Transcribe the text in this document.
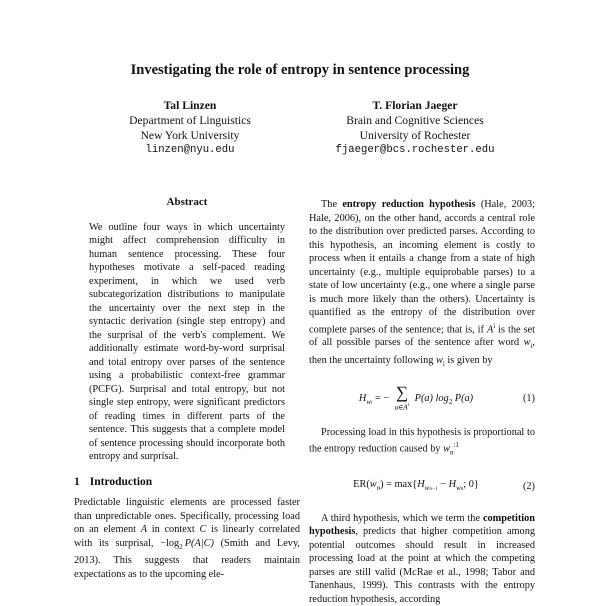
Investigating the role of entropy in sentence processing
Tal Linzen
Department of Linguistics
New York University
linzen@nyu.edu
T. Florian Jaeger
Brain and Cognitive Sciences
University of Rochester
fjaeger@bcs.rochester.edu
Abstract
We outline four ways in which uncertainty might affect comprehension difficulty in human sentence processing. These four hypotheses motivate a self-paced reading experiment, in which we used verb subcategorization distributions to manipulate the uncertainty over the next step in the syntactic derivation (single step entropy) and the surprisal of the verb's complement. We additionally estimate word-by-word surprisal and total entropy over parses of the sentence using a probabilistic context-free grammar (PCFG). Surprisal and total entropy, but not single step entropy, were significant predictors of reading times in different parts of the sentence. This suggests that a complete model of sentence processing should incorporate both entropy and surprisal.
1 Introduction

Predictable linguistic elements are processed faster than unpredictable ones. Specifically, processing load on an element A in context C is linearly correlated with its surprisal, $-\log_2$  P(A|C) (Smith and Levy, 2013). This suggests that readers maintain expectations as to the upcoming ele-

The entropy reduction hypothesis (Hale, 2003; Hale, 2006), on the other hand, accords a central role to the distribution over predicted parses. According to this hypothesis, an incoming element is costly to process when it entails a change from a state of high uncertainty (e.g., multiple equiprobable parses) to a state of low uncertainty (e.g., one where a single parse is much more likely than the others). Uncertainty is quantified as the entropy of the distribution over complete parses of the sentence; that is, if $A^i$ is the set of all possible parses of the sentence after word $w_i$, then the uncertainty following $w_i$ is given by

$H_{wi}$ = − ∑
$a\in A^i$
P(a) $\log_2 P(a)$	(1)

Processing load in this hypothesis is proportional to the entropy reduction caused by $w_n^{:1}$

$ER(w_n) = \max\{H_{wn-1} - H_{wn}$; 0}	(2)

A third hypothesis, which we term the competition hypothesis, predicts that higher competition among potential outcomes should result in increased processing load at the point at which the competing parses are still valid (McRae et al., 1998; Tabor and Tanenhaus, 1999). This contrasts with the entropy reduction hypothesis, according
